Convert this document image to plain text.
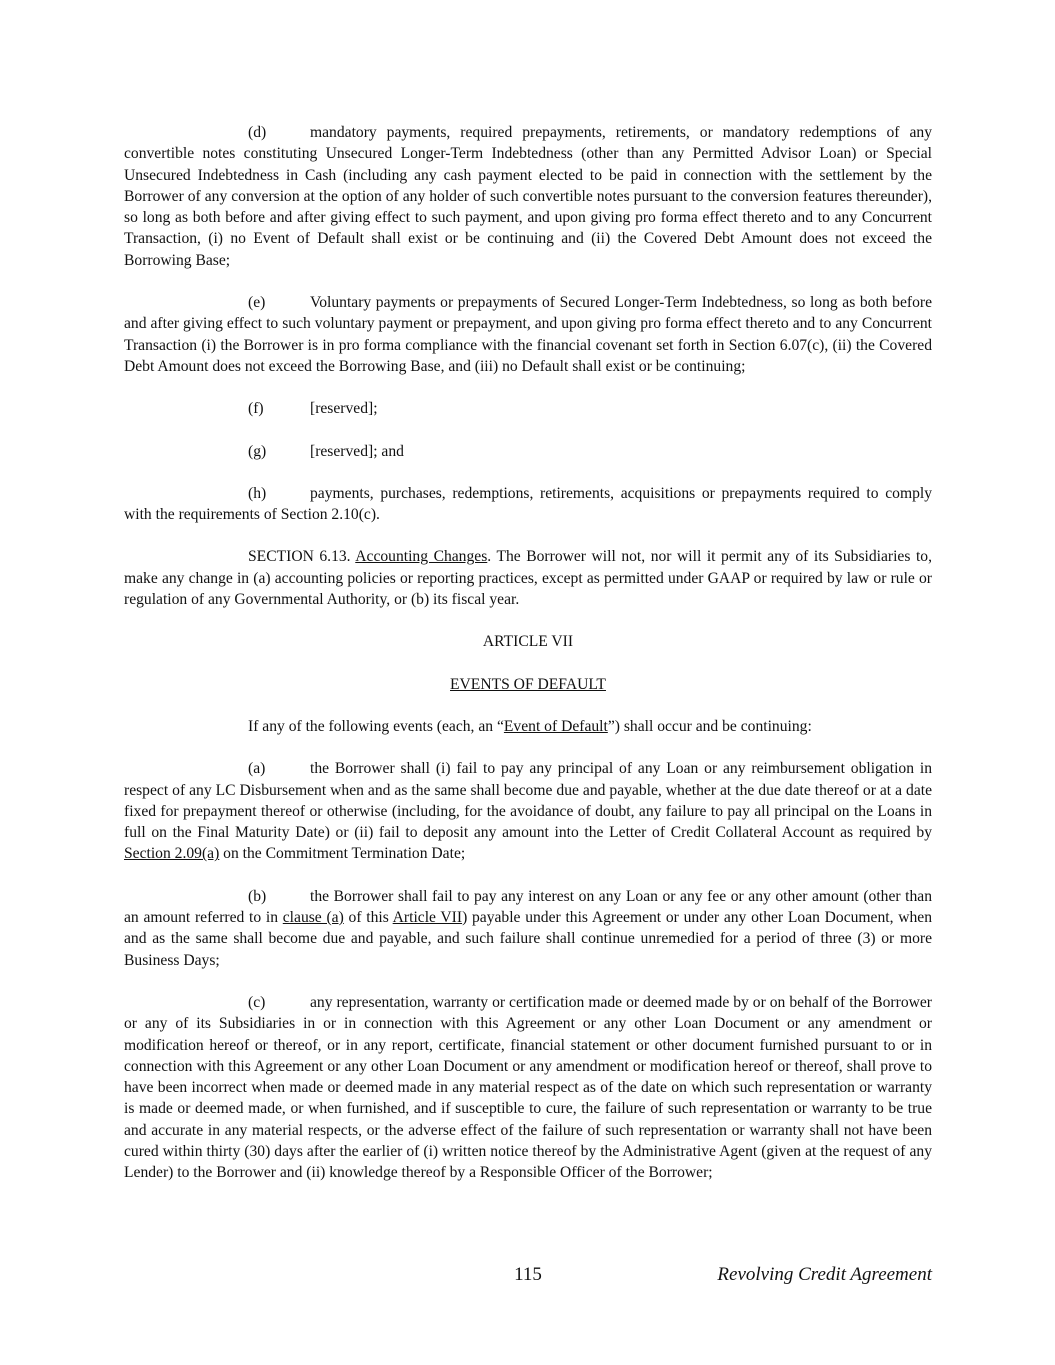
(d)	mandatory payments, required prepayments, retirements, or mandatory redemptions of any convertible notes constituting Unsecured Longer-Term Indebtedness (other than any Permitted Advisor Loan) or Special Unsecured Indebtedness in Cash (including any cash payment elected to be paid in connection with the settlement by the Borrower of any conversion at the option of any holder of such convertible notes pursuant to the conversion features thereunder), so long as both before and after giving effect to such payment, and upon giving pro forma effect thereto and to any Concurrent Transaction, (i) no Event of Default shall exist or be continuing and (ii) the Covered Debt Amount does not exceed the Borrowing Base;

(e)	Voluntary payments or prepayments of Secured Longer-Term Indebtedness, so long as both before and after giving effect to such voluntary payment or prepayment, and upon giving pro forma effect thereto and to any Concurrent Transaction (i) the Borrower is in pro forma compliance with the financial covenant set forth in Section 6.07(c), (ii) the Covered Debt Amount does not exceed the Borrowing Base, and (iii) no Default shall exist or be continuing;

(f)	[reserved];

(g)	[reserved]; and

(h)	payments, purchases, redemptions, retirements, acquisitions or prepayments required to comply with the requirements of Section 2.10(c).

SECTION 6.13. Accounting Changes. The Borrower will not, nor will it permit any of its Subsidiaries to, make any change in (a) accounting policies or reporting practices, except as permitted under GAAP or required by law or rule or regulation of any Governmental Authority, or (b) its fiscal year.

ARTICLE VII

EVENTS OF DEFAULT

If any of the following events (each, an “Event of Default”) shall occur and be continuing:

(a)	the Borrower shall (i) fail to pay any principal of any Loan or any reimbursement obligation in respect of any LC Disbursement when and as the same shall become due and payable, whether at the due date thereof or at a date fixed for prepayment thereof or otherwise (including, for the avoidance of doubt, any failure to pay all principal on the Loans in full on the Final Maturity Date) or (ii) fail to deposit any amount into the Letter of Credit Collateral Account as required by Section 2.09(a) on the Commitment Termination Date;

(b)	the Borrower shall fail to pay any interest on any Loan or any fee or any other amount (other than an amount referred to in clause (a) of this Article VII) payable under this Agreement or under any other Loan Document, when and as the same shall become due and payable, and such failure shall continue unremedied for a period of three (3) or more Business Days;

(c)	any representation, warranty or certification made or deemed made by or on behalf of the Borrower or any of its Subsidiaries in or in connection with this Agreement or any other Loan Document or any amendment or modification hereof or thereof, or in any report, certificate, financial statement or other document furnished pursuant to or in connection with this Agreement or any other Loan Document or any amendment or modification hereof or thereof, shall prove to have been incorrect when made or deemed made in any material respect as of the date on which such representation or warranty is made or deemed made, or when furnished, and if susceptible to cure, the failure of such representation or warranty to be true and accurate in any material respects, or the adverse effect of the failure of such representation or warranty shall not have been cured within thirty (30) days after the earlier of (i) written notice thereof by the Administrative Agent (given at the request of any Lender) to the Borrower and (ii) knowledge thereof by a Responsible Officer of the Borrower;

115	Revolving Credit Agreement
